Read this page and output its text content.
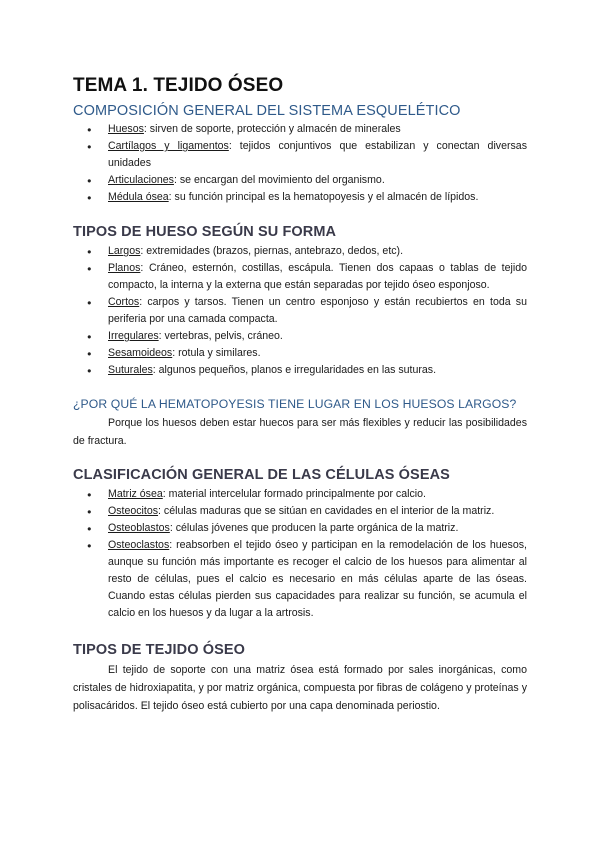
TEMA 1. TEJIDO ÓSEO
COMPOSICIÓN GENERAL DEL SISTEMA ESQUELÉTICO
● Huesos: sirven de soporte, protección y almacén de minerales
● Cartílagos y ligamentos: tejidos conjuntivos que estabilizan y conectan diversas unidades
● Articulaciones: se encargan del movimiento del organismo.
● Médula ósea: su función principal es la hematopoyesis y el almacén de lípidos.
TIPOS DE HUESO SEGÚN SU FORMA
● Largos: extremidades (brazos, piernas, antebrazo, dedos, etc).
● Planos: Cráneo, esternón, costillas, escápula. Tienen dos capaas o tablas de tejido compacto, la interna y la externa que están separadas por tejido óseo esponjoso.
● Cortos: carpos y tarsos. Tienen un centro esponjoso y están recubiertos en toda su periferia por una camada compacta.
● Irregulares: vertebras, pelvis, cráneo.
● Sesamoideos: rotula y similares.
● Suturales: algunos pequeños, planos e irregularidades en las suturas.
¿POR QUÉ LA HEMATOPOYESIS TIENE LUGAR EN LOS HUESOS LARGOS?

Porque los huesos deben estar huecos para ser más flexibles y reducir las posibilidades de fractura.

CLASIFICACIÓN GENERAL DE LAS CÉLULAS ÓSEAS
● Matriz ósea: material intercelular formado principalmente por calcio.
● Osteocitos: células maduras que se sitúan en cavidades en el interior de la matriz.
● Osteoblastos: células jóvenes que producen la parte orgánica de la matriz.
● Osteoclastos: reabsorben el tejido óseo y participan en la remodelación de los huesos, aunque su función más importante es recoger el calcio de los huesos para alimentar al resto de células, pues el calcio es necesario en más células aparte de las óseas. Cuando estas células pierden sus capacidades para realizar su función, se acumula el calcio en los huesos y da lugar a la artrosis.
TIPOS DE TEJIDO ÓSEO

El tejido de soporte con una matriz ósea está formado por sales inorgánicas, como cristales de hidroxiapatita, y por matriz orgánica, compuesta por fibras de colágeno y proteínas y polisacáridos. El tejido óseo está cubierto por una capa denominada periostio.
